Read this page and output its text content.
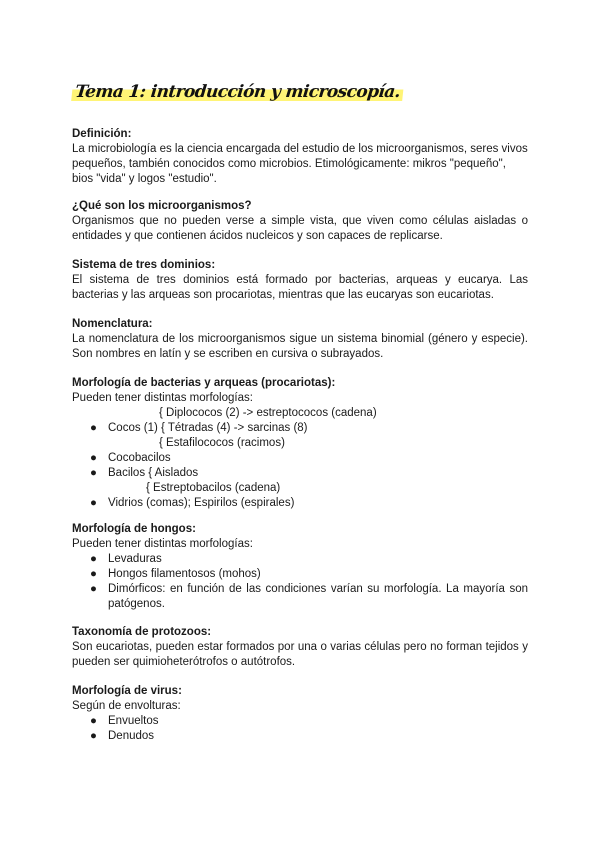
Tema 1: introducción y microscopía.

Definición:

La microbiología es la ciencia encargada del estudio de los microorganismos, seres vivos pequeños, también conocidos como microbios. Etimológicamente: mikros "pequeño", bios "vida" y logos "estudio".

¿Qué son los microorganismos?

Organismos que no pueden verse a simple vista, que viven como células aisladas o entidades y que contienen ácidos nucleicos y son capaces de replicarse.

Sistema de tres dominios:

El sistema de tres dominios está formado por bacterias, arqueas y eucarya. Las bacterias y las arqueas son procariotas, mientras que las eucaryas son eucariotas.

Nomenclatura:

La nomenclatura de los microorganismos sigue un sistema binomial (género y especie). Son nombres en latín y se escriben en cursiva o subrayados.

Morfología de bacterias y arqueas (procariotas):

Pueden tener distintas morfologías:

{ Diplococos (2) -> estreptococos (cadena)

● Cocos (1) { Tétradas (4) -> sarcinas (8)

{ Estafilococos (racimos)

● Cocobacilos
● Bacilos { Aislados

{ Estreptobacilos (cadena)

● Vidrios (comas); Espirilos (espirales)

Morfología de hongos:

Pueden tener distintas morfologías:

● Levaduras
● Hongos filamentosos (mohos)
● Dimórficos: en función de las condiciones varían su morfología. La mayoría son patógenos.

Taxonomía de protozoos:

Son eucariotas, pueden estar formados por una o varias células pero no forman tejidos y pueden ser quimioheterótrofos o autótrofos.

Morfología de virus:

Según de envolturas:

● Envueltos
● Denudos
